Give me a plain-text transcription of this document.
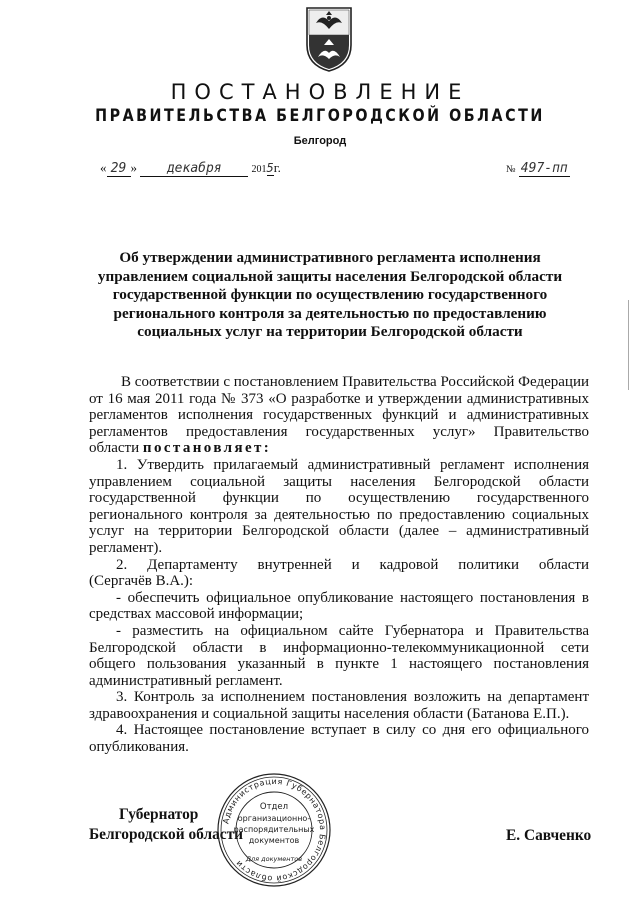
ПОСТАНОВЛЕНИЕ
ПРАВИТЕЛЬСТВА БЕЛГОРОДСКОЙ ОБЛАСТИ
Белгород
« 29 » декабря	2015г.	№ 497-пп
Об утверждении административного регламента исполнения
управлением социальной защиты населения Белгородской области
государственной функции по осуществлению государственного
регионального контроля за деятельностью по предоставлению
социальных услуг на территории Белгородской области
В соответствии с постановлением Правительства Российской Федерации
от 16 мая 2011 года № 373 «О разработке и утверждении административных
регламентов исполнения государственных функций и административных
регламентов предоставления государственных услуг» Правительство
области постановляет:
1. Утвердить прилагаемый административный регламент исполнения
управлением социальной защиты населения Белгородской области
государственной функции по осуществлению государственного
регионального контроля за деятельностью по предоставлению социальных
услуг на территории Белгородской области (далее – административный
регламент).
2. Департаменту внутренней и кадровой политики области
(Сергачёв В.А.):
- обеспечить официальное опубликование настоящего постановления в
средствах массовой информации;
- разместить на официальном сайте Губернатора и Правительства
Белгородской области в информационно-телекоммуникационной сети
общего пользования указанный в пункте 1 настоящего постановления
административный регламент.
3. Контроль за исполнением постановления возложить на департамент
здравоохранения и социальной защиты населения области (Батанова Е.П.).
4. Настоящее постановление вступает в силу со дня его официального
опубликования.
Губернатор
Белгородской области
Администрация Губернатора Белгородской области
Отдел
организационно-
распорядительных
документов
Для документов
Е. Савченко
